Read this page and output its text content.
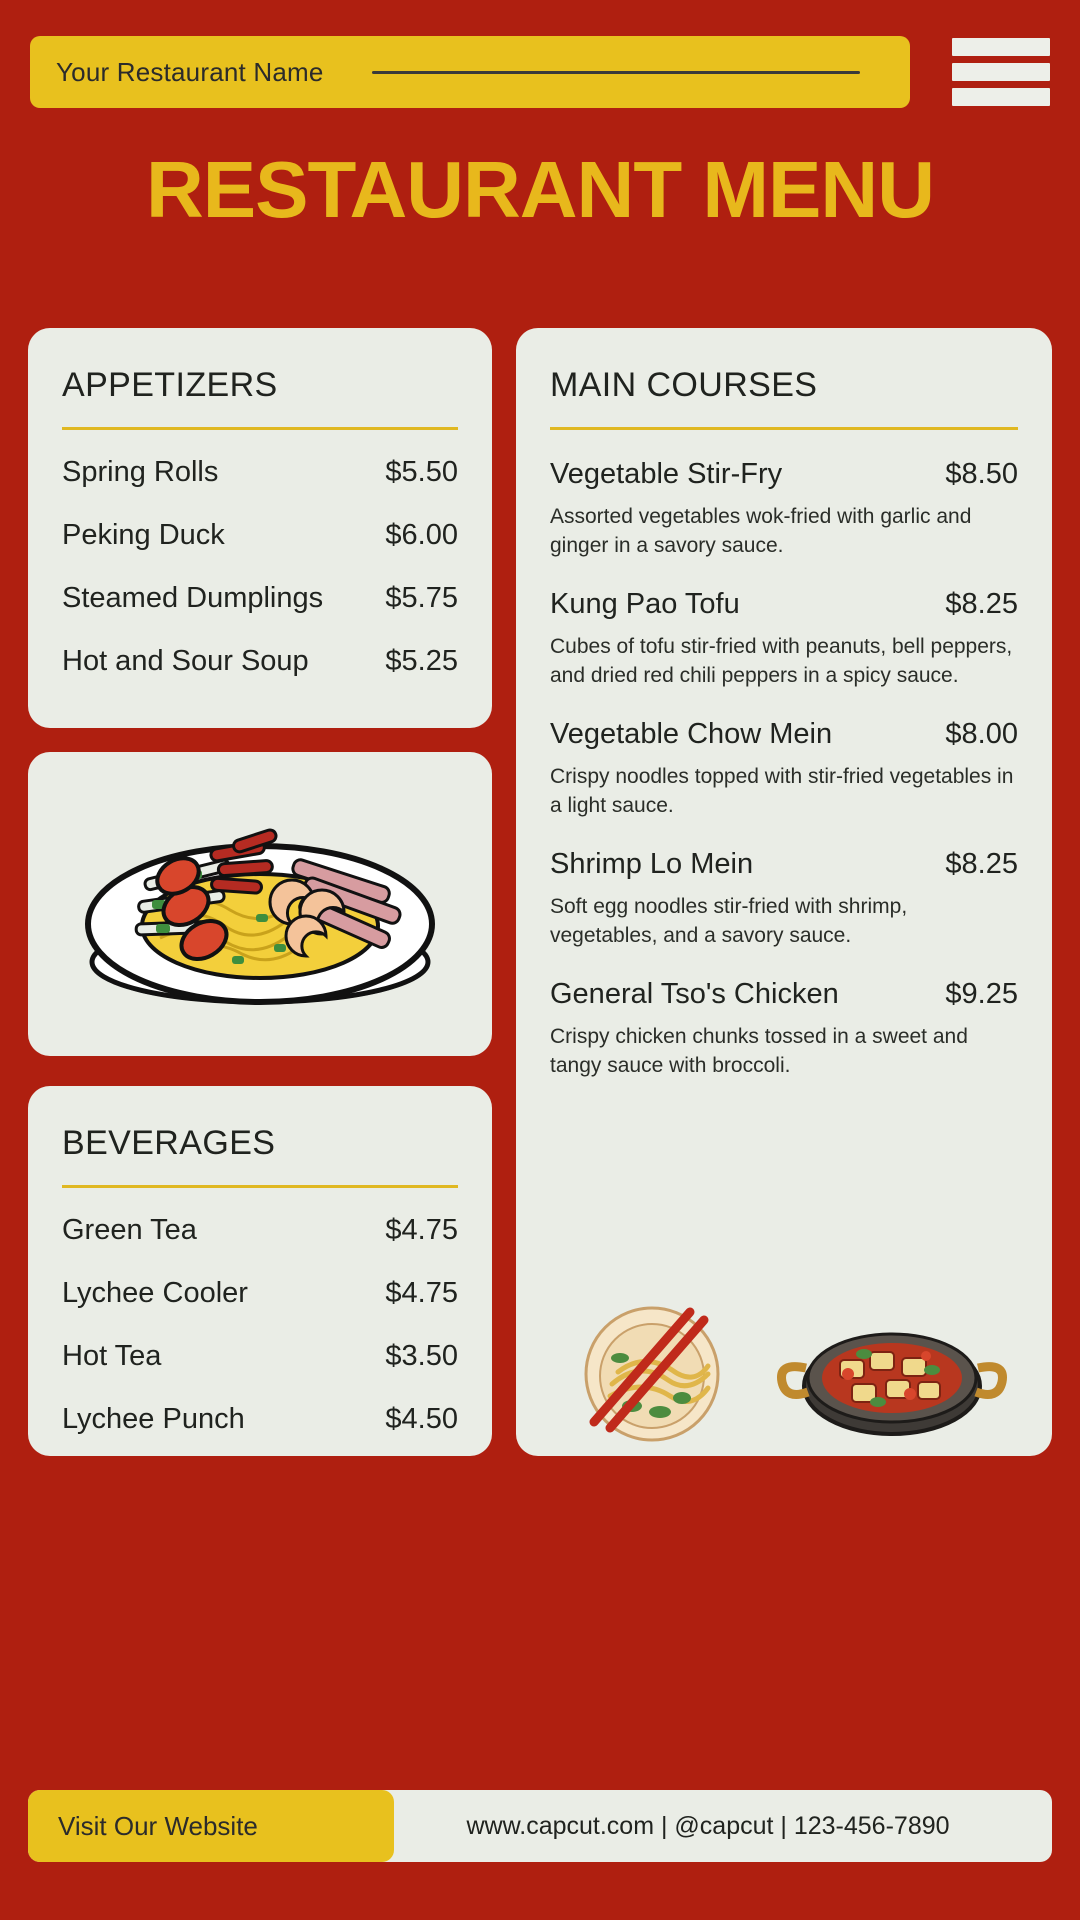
Your Restaurant Name
RESTAURANT MENU
APPETIZERS
Spring Rolls	$5.50
Peking Duck	$6.00
Steamed Dumplings	$5.75
Hot and Sour Soup	$5.25
BEVERAGES
Green Tea	$4.75
Lychee Cooler	$4.75
Hot Tea	$3.50
Lychee Punch	$4.50
MAIN COURSES
Vegetable Stir-Fry	$8.50
Assorted vegetables wok-fried with garlic and ginger in a savory sauce.
Kung Pao Tofu	$8.25
Cubes of tofu stir-fried with peanuts, bell peppers, and dried red chili peppers in a spicy sauce.
Vegetable Chow Mein	$8.00
Crispy noodles topped with stir-fried vegetables in a light sauce.
Shrimp Lo Mein	$8.25
Soft egg noodles stir-fried with shrimp, vegetables, and a savory sauce.
General Tso's Chicken	$9.25
Crispy chicken chunks tossed in a sweet and tangy sauce with broccoli.
Visit Our Website	www.capcut.com | @capcut | 123-456-7890
